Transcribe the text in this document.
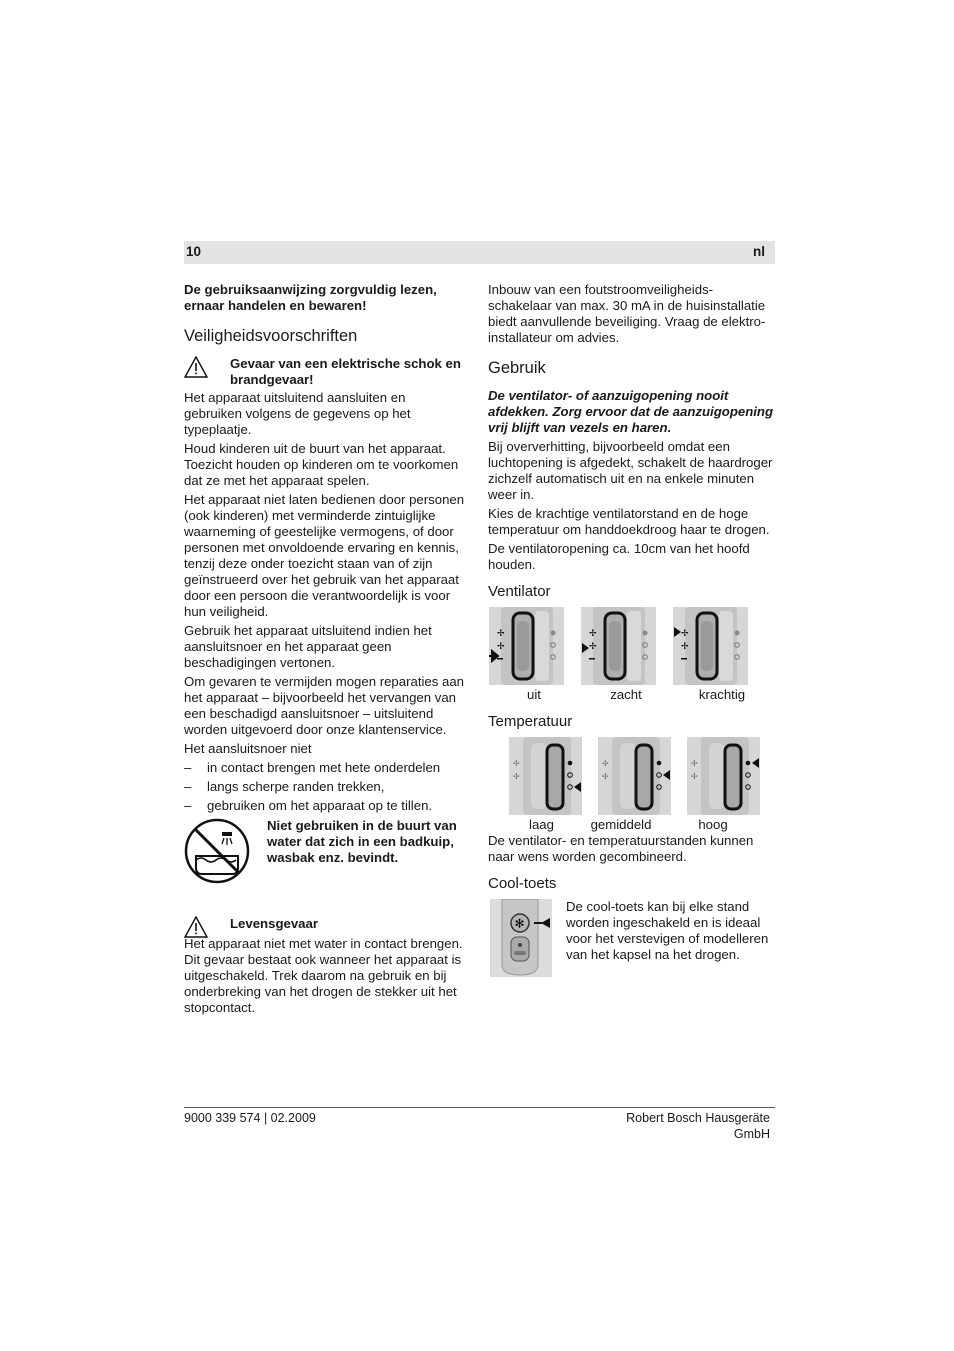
10	nl

De gebruiksaanwijzing zorgvuldig lezen, ernaar handelen en bewaren!

Veiligheidsvoorschriften
Gevaar van een elektrische schok en brandgevaar!

Het apparaat uitsluitend aansluiten en gebruiken volgens de gegevens op het typeplaatje.

Houd kinderen uit de buurt van het apparaat. Toezicht houden op kinderen om te voorkomen dat ze met het apparaat spelen.

Het apparaat niet laten bedienen door personen (ook kinderen) met verminderde zintuiglijke waarneming of geestelijke vermogens, of door personen met onvoldoende ervaring en kennis, tenzij deze onder toezicht staan van of zijn geïnstrueerd over het gebruik van het apparaat door een persoon die verantwoordelijk is voor hun veiligheid.

Gebruik het apparaat uitsluitend indien het aansluitsnoer en het apparaat geen beschadigingen vertonen.

Om gevaren te vermijden mogen reparaties aan het apparaat – bijvoorbeeld het vervangen van een beschadigd aansluitsnoer – uitsluitend worden uitgevoerd door onze klantenservice.

Het aansluitsnoer niet

– in contact brengen met hete onderdelen
– langs scherpe randen trekken,
– gebruiken om het apparaat op te tillen.
Niet gebruiken in de buurt van water dat zich in een badkuip, wasbak enz. bevindt.
Levensgevaar

Het apparaat niet met water in contact brengen. Dit gevaar bestaat ook wanneer het apparaat is uitgeschakeld. Trek daarom na gebruik en bij onderbreking van het drogen de stekker uit het stopcontact.

Inbouw van een foutstroomveiligheids-schakelaar van max. 30 mA in de huisinstallatie biedt aanvullende beveiliging. Vraag de elektro-installateur om advies.

Gebruik

De ventilator- of aanzuigopening nooit afdekken. Zorg ervoor dat de aanzuigopening vrij blijft van vezels en haren.

Bij oververhitting, bijvoorbeeld omdat een luchtopening is afgedekt, schakelt de haardroger zichzelf automatisch uit en na enkele minuten weer in.

Kies de krachtige ventilatorstand en de hoge temperatuur om handdoekdroog haar te drogen.

De ventilatoropening ca. 10cm van het hoofd houden.

Ventilator
✢
✢
✢
✢
✢
✢
uit	zacht	krachtig
Temperatuur
✢
✢
✢
✢
✢
✢
laag	gemiddeld	hoog

De ventilator- en temperatuurstanden kunnen naar wens worden gecombineerd.

Cool-toets
✻
De cool-toets kan bij elke stand worden ingeschakeld en is ideaal voor het verstevigen of modelleren van het kapsel na het drogen.
9000 339 574 | 02.2009	Robert Bosch Hausgeräte GmbH
